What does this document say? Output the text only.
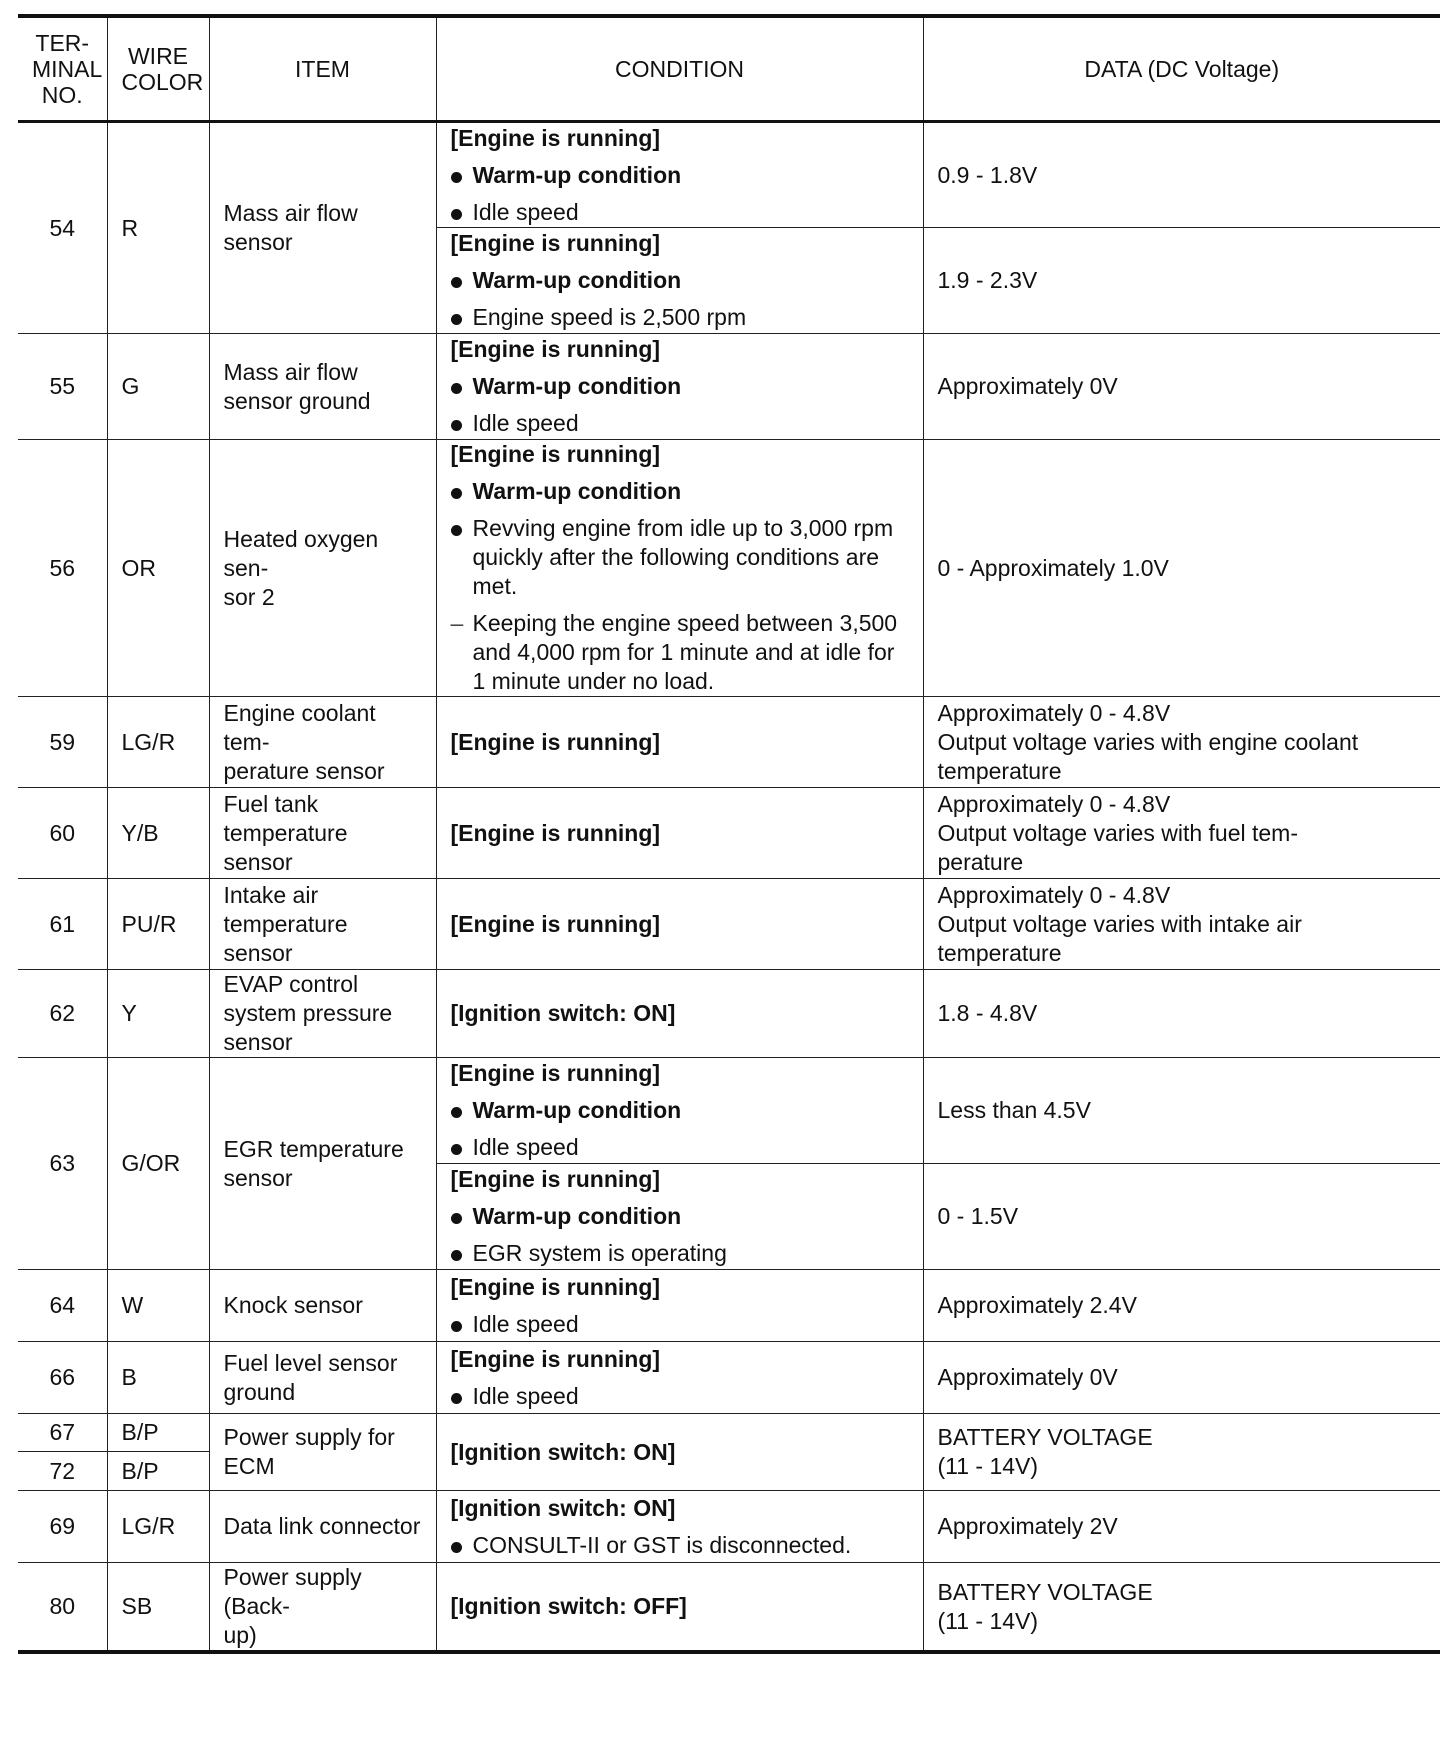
TER-
MINAL
NO.	WIRE
COLOR	ITEM	CONDITION	DATA (DC Voltage)
54	R	Mass air flow sensor	[Engine is running]
Warm-up condition
Idle speed	0.9 - 1.8V

			[Engine is running]
Warm-up condition
Engine speed is 2,500 rpm	1.9 - 2.3V
55	G	Mass air flow sensor ground	[Engine is running]
Warm-up condition
Idle speed	Approximately 0V
56	OR	Heated oxygen sen-
sor 2	[Engine is running]
Warm-up condition
Revving engine from idle up to 3,000 rpm quickly after the following conditions are met.
– Keeping the engine speed between 3,500 and 4,000 rpm for 1 minute and at idle for 1 minute under no load.	0 - Approximately 1.0V
59	LG/R	Engine coolant tem-
perature sensor	[Engine is running]	Approximately 0 - 4.8V
Output voltage varies with engine coolant temperature
60	Y/B	Fuel tank temperature sensor	[Engine is running]	Approximately 0 - 4.8V
Output voltage varies with fuel tem-
perature
61	PU/R	Intake air temperature sensor	[Engine is running]	Approximately 0 - 4.8V
Output voltage varies with intake air temperature
62	Y	EVAP control system pressure sensor	[Ignition switch: ON]	1.8 - 4.8V
63	G/OR	EGR temperature sensor	[Engine is running]
Warm-up condition
Idle speed	Less than 4.5V

			[Engine is running]
Warm-up condition
EGR system is operating	0 - 1.5V
64	W	Knock sensor	[Engine is running]
Idle speed	Approximately 2.4V
66	B	Fuel level sensor ground	[Engine is running]
Idle speed	Approximately 0V
67	B/P	Power supply for ECM	[Ignition switch: ON]	BATTERY VOLTAGE
(11 - 14V)
72	B/P			
69	LG/R	Data link connector	[Ignition switch: ON]
CONSULT-II or GST is disconnected.	Approximately 2V
80	SB	Power supply (Back-
up)	[Ignition switch: OFF]	BATTERY VOLTAGE
(11 - 14V)
